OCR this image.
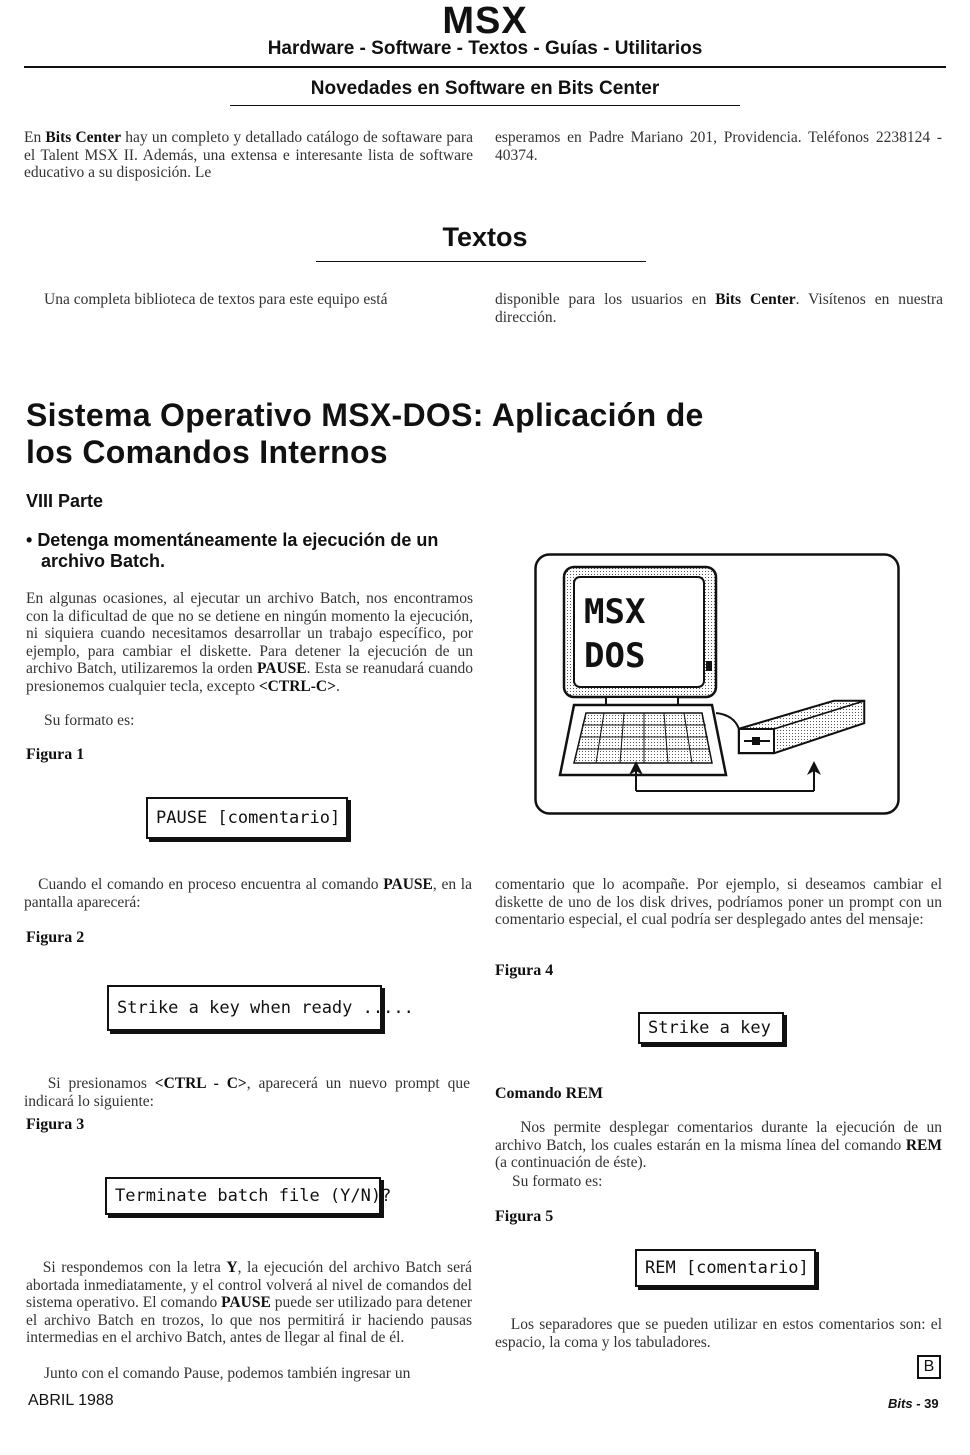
MSX
Hardware - Software - Textos - Guías - Utilitarios
Novedades en Software en Bits Center

En Bits Center hay un completo y detallado catálogo de softaware para el Talent MSX II. Además, una extensa e interesante lista de software educativo a su disposición. Le

esperamos en Padre Mariano 201, Providencia. Teléfonos 2238124 - 40374.

Textos

Una completa biblioteca de textos para este equipo está	disponible para los usuarios en Bits Center. Visítenos en nuestra dirección.

Sistema Operativo MSX-DOS: Aplicación de
los Comandos Internos
VIII Parte
• Detenga momentáneamente la ejecución de un
archivo Batch.

En algunas ocasiones, al ejecutar un archivo Batch, nos encontramos con la dificultad de que no se detiene en ningún momento la ejecución, ni siquiera cuando necesitamos desarrollar un trabajo específico, por ejemplo, para cambiar el diskette. Para detener la ejecución de un archivo Batch, utilizaremos la orden PAUSE. Esta se reanudará cuando presionemos cualquier tecla, excepto <CTRL-C>.

Su formato es:

Figura 1
PAUSE [comentario]

Cuando el comando en proceso encuentra al comando PAUSE, en la pantalla aparecerá:

Figura 2
Strike a key when ready .....

Si presionamos <CTRL - C>, aparecerá un nuevo prompt que indicará lo siguiente:

Figura 3
Terminate batch file (Y/N)?

Si respondemos con la letra Y, la ejecución del archivo Batch será abortada inmediatamente, y el control volverá al nivel de comandos del sistema operativo. El comando PAUSE puede ser utilizado para detener el archivo Batch en trozos, lo que nos permitirá ir haciendo pausas intermedias en el archivo Batch, antes de llegar al final de él.

Junto con el comando Pause, podemos también ingresar un

MSX
DOS

comentario que lo acompañe. Por ejemplo, si deseamos cambiar el diskette de uno de los disk drives, podríamos poner un prompt con un comentario especial, el cual podría ser desplegado antes del mensaje:

Figura 4
Strike a key
Comando REM

Nos permite desplegar comentarios durante la ejecución de un archivo Batch, los cuales estarán en la misma línea del comando REM (a continuación de éste).

Su formato es:

Figura 5
REM [comentario]

Los separadores que se pueden utilizar en estos comentarios son: el espacio, la coma y los tabuladores.

B
ABRIL 1988	Bits - 39
